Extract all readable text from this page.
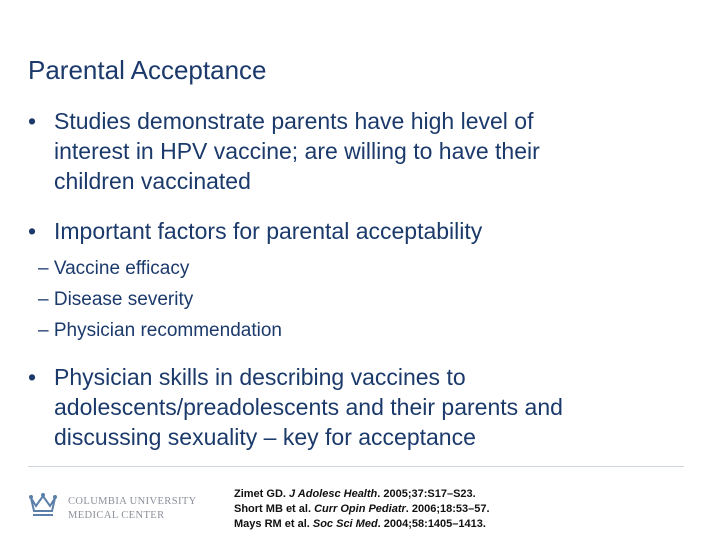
Parental Acceptance
• Studies demonstrate parents have high level of
interest in HPV vaccine; are willing to have their
children vaccinated
• Important factors for parental acceptability
– Vaccine efficacy
– Disease severity
– Physician recommendation
• Physician skills in describing vaccines to
adolescents/preadolescents and their parents and
discussing sexuality – key for acceptance
COLUMBIA UNIVERSITY
MEDICAL CENTER
Zimet GD. J Adolesc Health. 2005;37:S17–S23.
Short MB et al. Curr Opin Pediatr. 2006;18:53–57.
Mays RM et al. Soc Sci Med. 2004;58:1405–1413.
